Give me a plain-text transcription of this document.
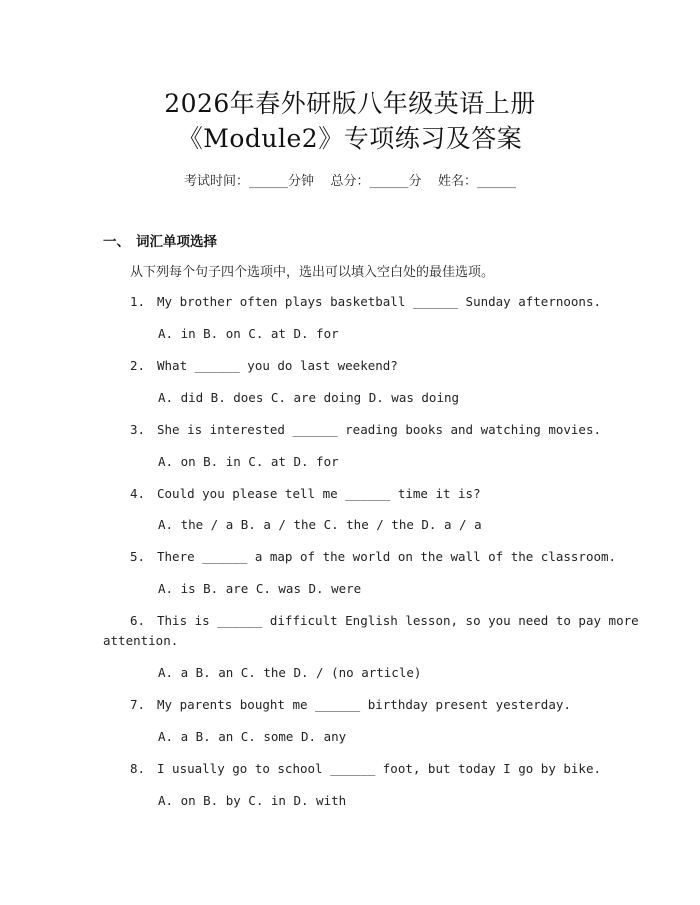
2026年春外研版八年级英语上册
《Module2》专项练习及答案
考试时间：______分钟    总分：______分    姓名：______
一、 词汇单项选择
从下列每个句子四个选项中，选出可以填入空白处的最佳选项。
1. My brother often plays basketball ______ Sunday afternoons.
A. in B. on C. at D. for
2. What ______ you do last weekend?
A. did B. does C. are doing D. was doing
3. She is interested ______ reading books and watching movies.
A. on B. in C. at D. for
4. Could you please tell me ______ time it is?
A. the / a B. a / the C. the / the D. a / a
5. There ______ a map of the world on the wall of the classroom.
A. is B. are C. was D. were
6. This is ______ difficult English lesson, so you need to pay more
attention.
A. a B. an C. the D. / (no article)
7. My parents bought me ______ birthday present yesterday.
A. a B. an C. some D. any
8. I usually go to school ______ foot, but today I go by bike.
A. on B. by C. in D. with
